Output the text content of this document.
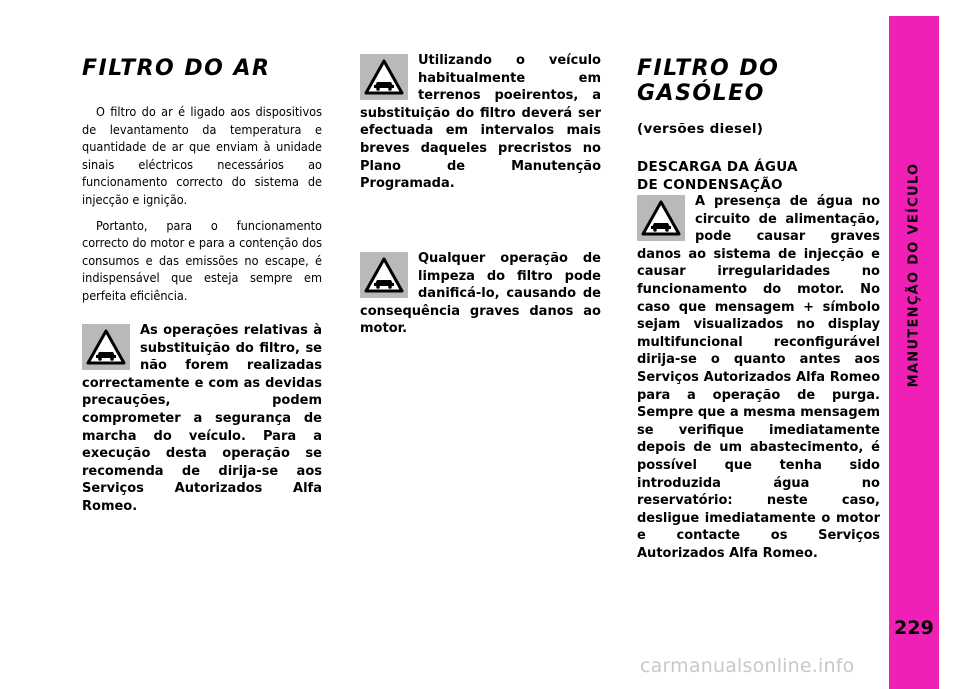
FILTRO DO AR

O filtro do ar é ligado aos dispositivos de levantamento da temperatura e quantidade de ar que enviam à unidade sinais eléctricos necessários ao funcionamento correcto do sistema de injecção e ignição.

Portanto, para o funcionamento correcto do motor e para a contenção dos consumos e das emissões no escape, é indispensável que esteja sempre em perfeita eficiência.

As operações relativas à substituição do filtro, se não forem realizadas correctamente e com as devidas precauções, podem comprometer a segurança de marcha do veículo. Para a execução desta operação se recomenda de dirija-se aos Serviços Autorizados Alfa Romeo.
Utilizando o veículo habitualmente em terrenos poeirentos, a substituição do filtro deverá ser efectuada em intervalos mais breves daqueles precristos no Plano de Manutenção Programada.
Qualquer operação de limpeza do filtro pode danificá-lo, causando de consequência graves danos ao motor.
FILTRO DO GASÓLEO

(versões diesel)

DESCARGA DA ÁGUA

DE CONDENSAÇÃO

A presença de água no circuito de alimentação, pode causar graves danos ao sistema de injecção e causar irregularidades no funcionamento do motor. No caso que mensagem + símbolo sejam visualizados no display multifuncional reconfigurável dirija-se o quanto antes aos Serviços Autorizados Alfa Romeo para a operação de purga. Sempre que a mesma mensagem se verifique imediatamente depois de um abastecimento, é possível que tenha sido introduzida água no reservatório: neste caso, desligue imediatamente o motor e contacte os Serviços Autorizados Alfa Romeo.
MANUTENÇÃO DO VEÍCULO
229
carmanualsonline.info
